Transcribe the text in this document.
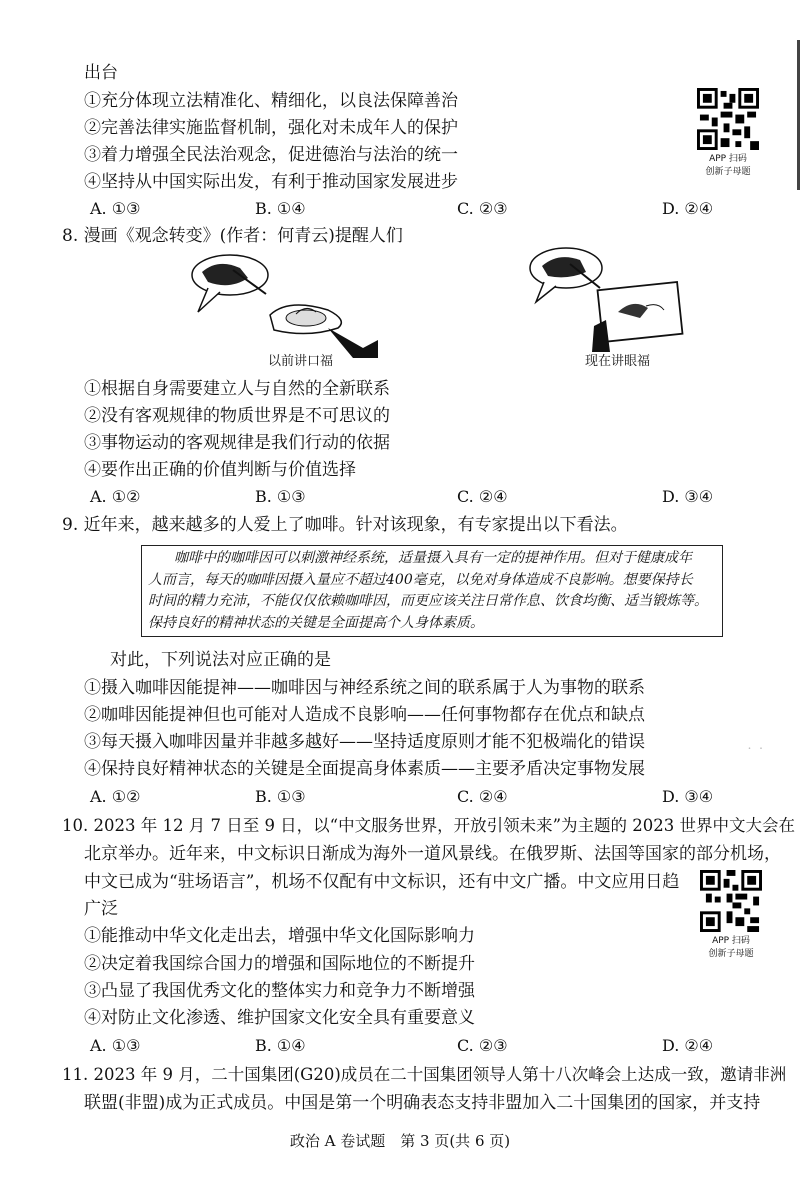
出台
①充分体现立法精准化、精细化，以良法保障善治
②完善法律实施监督机制，强化对未成年人的保护
③着力增强全民法治观念，促进德治与法治的统一
④坚持从中国实际出发，有利于推动国家发展进步
A. ①③	B. ①④	C. ②③	D. ②④
APP 扫码
创新子母题
8. 漫画《观念转变》(作者：何青云)提醒人们
以前讲口福	现在讲眼福
①根据自身需要建立人与自然的全新联系
②没有客观规律的物质世界是不可思议的
③事物运动的客观规律是我们行动的依据
④要作出正确的价值判断与价值选择
A. ①②	B. ①③	C. ②④	D. ③④
9. 近年来，越来越多的人爱上了咖啡。针对该现象，有专家提出以下看法。
咖啡中的咖啡因可以刺激神经系统，适量摄入具有一定的提神作用。但对于健康成年
人而言，每天的咖啡因摄入量应不超过400毫克，以免对身体造成不良影响。想要保持长
时间的精力充沛，不能仅仅依赖咖啡因，而更应该关注日常作息、饮食均衡、适当锻炼等。
保持良好的精神状态的关键是全面提高个人身体素质。
对此，下列说法对应正确的是
①摄入咖啡因能提神——咖啡因与神经系统之间的联系属于人为事物的联系
②咖啡因能提神但也可能对人造成不良影响——任何事物都存在优点和缺点
③每天摄入咖啡因量并非越多越好——坚持适度原则才能不犯极端化的错误
④保持良好精神状态的关键是全面提高身体素质——主要矛盾决定事物发展
A. ①②	B. ①③	C. ②④	D. ③④
˙ ˙
10. 2023 年 12 月 7 日至 9 日，以“中文服务世界，开放引领未来”为主题的 2023 世界中文大会在
北京举办。近年来，中文标识日渐成为海外一道风景线。在俄罗斯、法国等国家的部分机场，
中文已成为“驻场语言”，机场不仅配有中文标识，还有中文广播。中文应用日趋
广泛
APP 扫码
创新子母题
①能推动中华文化走出去，增强中华文化国际影响力
②决定着我国综合国力的增强和国际地位的不断提升
③凸显了我国优秀文化的整体实力和竞争力不断增强
④对防止文化渗透、维护国家文化安全具有重要意义
A. ①③	B. ①④	C. ②③	D. ②④
11. 2023 年 9 月，二十国集团(G20)成员在二十国集团领导人第十八次峰会上达成一致，邀请非洲
联盟(非盟)成为正式成员。中国是第一个明确表态支持非盟加入二十国集团的国家，并支持
政治 A 卷试题　第 3 页(共 6 页)
